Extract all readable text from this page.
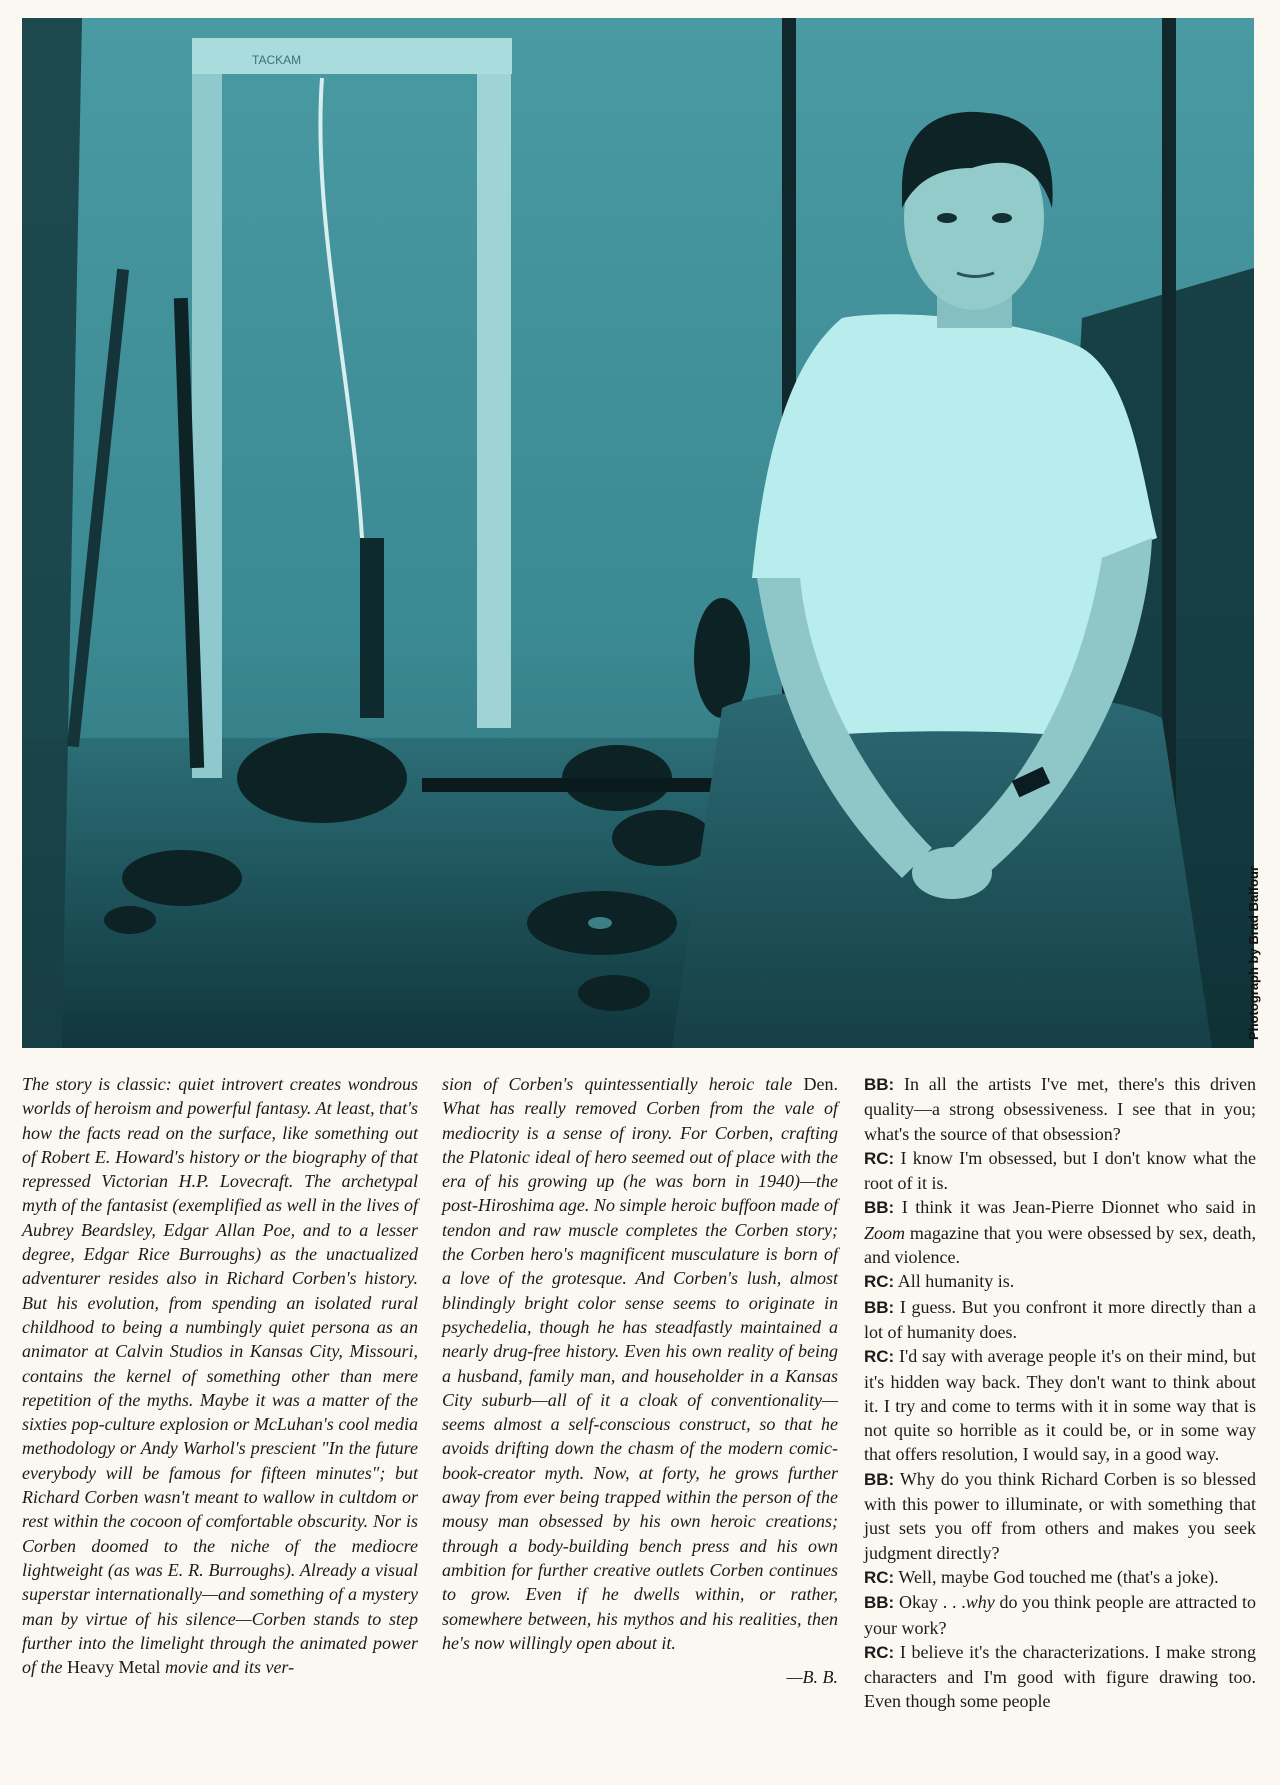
TACKAM
Photograph by Brad Balfour

The story is classic: quiet introvert creates wondrous worlds of heroism and powerful fantasy. At least, that's how the facts read on the surface, like something out of Robert E. Howard's history or the biography of that repressed Victorian H.P. Lovecraft. The archetypal myth of the fantasist (exemplified as well in the lives of Aubrey Beardsley, Edgar Allan Poe, and to a lesser degree, Edgar Rice Burroughs) as the unactualized adventurer resides also in Richard Corben's history. But his evolution, from spending an isolated rural childhood to being a numbingly quiet persona as an animator at Calvin Studios in Kansas City, Missouri, contains the kernel of something other than mere repetition of the myths. Maybe it was a matter of the sixties pop-culture explosion or McLuhan's cool media methodology or Andy Warhol's prescient "In the future everybody will be famous for fifteen minutes"; but Richard Corben wasn't meant to wallow in cultdom or rest within the cocoon of comfortable obscurity. Nor is Corben doomed to the niche of the mediocre lightweight (as was E. R. Burroughs). Already a visual superstar internationally—and something of a mystery man by virtue of his silence—Corben stands to step further into the limelight through the animated power of the Heavy Metal movie and its ver-

sion of Corben's quintessentially heroic tale Den. What has really removed Corben from the vale of mediocrity is a sense of irony. For Corben, crafting the Platonic ideal of hero seemed out of place with the era of his growing up (he was born in 1940)—the post-Hiroshima age. No simple heroic buffoon made of tendon and raw muscle completes the Corben story; the Corben hero's magnificent musculature is born of a love of the grotesque. And Corben's lush, almost blindingly bright color sense seems to originate in psychedelia, though he has steadfastly maintained a nearly drug-free history. Even his own reality of being a husband, family man, and householder in a Kansas City suburb—all of it a cloak of conventionality—seems almost a self-conscious construct, so that he avoids drifting down the chasm of the modern comic-book-creator myth. Now, at forty, he grows further away from ever being trapped within the person of the mousy man obsessed by his own heroic creations; through a body-building bench press and his own ambition for further creative outlets Corben continues to grow. Even if he dwells within, or rather, somewhere between, his mythos and his realities, then he's now willingly open about it.

—B. B.

BB: In all the artists I've met, there's this driven quality—a strong obsessiveness. I see that in you; what's the source of that obsession?

RC: I know I'm obsessed, but I don't know what the root of it is.

BB: I think it was Jean-Pierre Dionnet who said in Zoom magazine that you were obsessed by sex, death, and violence.

RC: All humanity is.

BB: I guess. But you confront it more directly than a lot of humanity does.

RC: I'd say with average people it's on their mind, but it's hidden way back. They don't want to think about it. I try and come to terms with it in some way that is not quite so horrible as it could be, or in some way that offers resolution, I would say, in a good way.

BB: Why do you think Richard Corben is so blessed with this power to illuminate, or with something that just sets you off from others and makes you seek judgment directly?

RC: Well, maybe God touched me (that's a joke).

BB: Okay . . .why do you think people are attracted to your work?

RC: I believe it's the characterizations. I make strong characters and I'm good with figure drawing too. Even though some people
